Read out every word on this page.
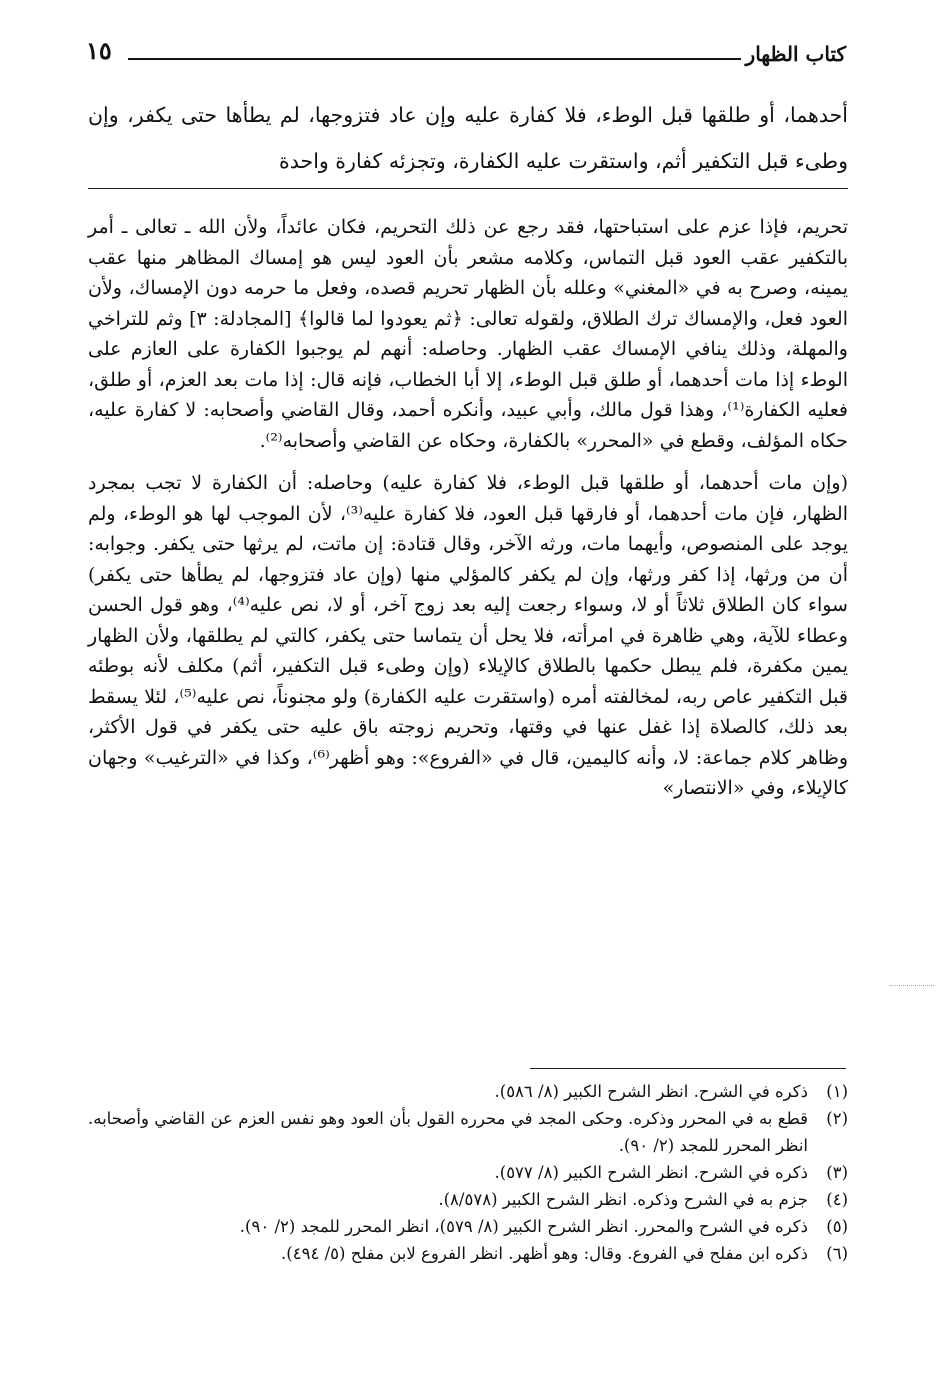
كتاب الظهار
١٥
أحدهما، أو طلقها قبل الوطء، فلا كفارة عليه وإن عاد فتزوجها، لم يطأها حتى يكفر، وإن وطىء قبل التكفير أثم، واستقرت عليه الكفارة، وتجزئه كفارة واحدة

تحريم، فإذا عزم على استباحتها، فقد رجع عن ذلك التحريم، فكان عائداً، ولأن الله ـ تعالى ـ أمر بالتكفير عقب العود قبل التماس، وكلامه مشعر بأن العود ليس هو إمساك المظاهر منها عقب يمينه، وصرح به في «المغني» وعلله بأن الظهار تحريم قصده، وفعل ما حرمه دون الإمساك، ولأن العود فعل، والإمساك ترك الطلاق، ولقوله تعالى: ﴿ثم يعودوا لما قالوا﴾ [المجادلة: ٣] وثم للتراخي والمهلة، وذلك ينافي الإمساك عقب الظهار. وحاصله: أنهم لم يوجبوا الكفارة على العازم على الوطء إذا مات أحدهما، أو طلق قبل الوطء، إلا أبا الخطاب، فإنه قال: إذا مات بعد العزم، أو طلق، فعليه الكفارة⁽¹⁾، وهذا قول مالك، وأبي عبيد، وأنكره أحمد، وقال القاضي وأصحابه: لا كفارة عليه، حكاه المؤلف، وقطع في «المحرر» بالكفارة، وحكاه عن القاضي وأصحابه⁽²⁾.

(وإن مات أحدهما، أو طلقها قبل الوطء، فلا كفارة عليه) وحاصله: أن الكفارة لا تجب بمجرد الظهار، فإن مات أحدهما، أو فارقها قبل العود، فلا كفارة عليه⁽³⁾، لأن الموجب لها هو الوطء، ولم يوجد على المنصوص، وأيهما مات، ورثه الآخر، وقال قتادة: إن ماتت، لم يرثها حتى يكفر. وجوابه: أن من ورثها، إذا كفر ورثها، وإن لم يكفر كالمؤلي منها (وإن عاد فتزوجها، لم يطأها حتى يكفر) سواء كان الطلاق ثلاثاً أو لا، وسواء رجعت إليه بعد زوج آخر، أو لا، نص عليه⁽⁴⁾، وهو قول الحسن وعطاء للآية، وهي ظاهرة في امرأته، فلا يحل أن يتماسا حتى يكفر، كالتي لم يطلقها، ولأن الظهار يمين مكفرة، فلم يبطل حكمها بالطلاق كالإيلاء (وإن وطىء قبل التكفير، أثم) مكلف لأنه بوطئه قبل التكفير عاص ربه، لمخالفته أمره (واستقرت عليه الكفارة) ولو مجنوناً، نص عليه⁽⁵⁾، لئلا يسقط بعد ذلك، كالصلاة إذا غفل عنها في وقتها، وتحريم زوجته باق عليه حتى يكفر في قول الأكثر، وظاهر كلام جماعة: لا، وأنه كاليمين، قال في «الفروع»: وهو أظهر⁽⁶⁾، وكذا في «الترغيب» وجهان كالإيلاء، وفي «الانتصار»

(١)
ذكره في الشرح. انظر الشرح الكبير (٨/ ٥٨٦).
(٢)
قطع به في المحرر وذكره. وحكى المجد في محرره القول بأن العود وهو نفس العزم عن القاضي وأصحابه. انظر المحرر للمجد (٢/ ٩٠).
(٣)
ذكره في الشرح. انظر الشرح الكبير (٨/ ٥٧٧).
(٤)
جزم به في الشرح وذكره. انظر الشرح الكبير (٨/٥٧٨).
(٥)
ذكره في الشرح والمحرر. انظر الشرح الكبير (٨/ ٥٧٩)، انظر المحرر للمجد (٢/ ٩٠).
(٦)
ذكره ابن مفلح في الفروع. وقال: وهو أظهر. انظر الفروع لابن مفلح (٥/ ٤٩٤).
